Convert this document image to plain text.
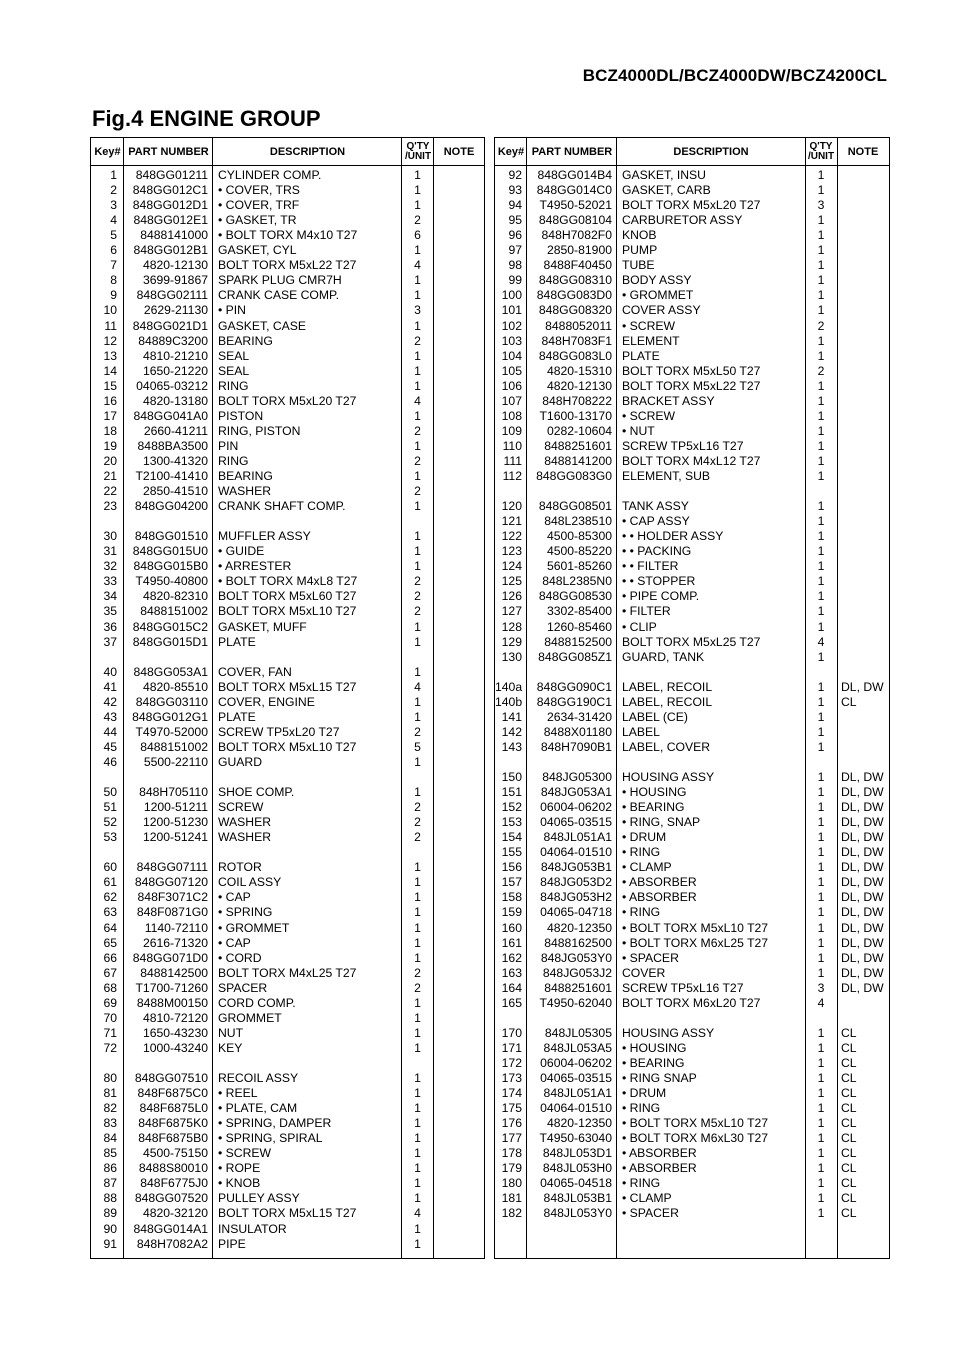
BCZ4000DL/BCZ4000DW/BCZ4200CL
Fig.4 ENGINE GROUP
Key# PART NUMBER	DESCRIPTION	Q'TY
/UNIT	NOTE
1	848GG01211 CYLINDER COMP.	1
2	848GG012C1 • COVER, TRS	1
3	848GG012D1 • COVER, TRF	1
4	848GG012E1 • GASKET, TR	2
5	8488141000 • BOLT TORX M4x10 T27	6
6	848GG012B1 GASKET, CYL	1
7	4820-12130 BOLT TORX M5xL22 T27	4
8	3699-91867 SPARK PLUG CMR7H	1
9	848GG02111 CRANK CASE COMP.	1
10	2629-21130 • PIN	3
11	848GG021D1 GASKET, CASE	1
12	84889C3200 BEARING	2
13	4810-21210 SEAL	1
14	1650-21220 SEAL	1
15	04065-03212 RING	1
16	4820-13180 BOLT TORX M5xL20 T27	4
17	848GG041A0 PISTON	1
18	2660-41211 RING, PISTON	2
19	8488BA3500 PIN	1
20	1300-41320 RING	2
21	T2100-41410 BEARING	1
22	2850-41510 WASHER	2
23	848GG04200 CRANK SHAFT COMP.	1
30	848GG01510 MUFFLER ASSY	1
31	848GG015U0 • GUIDE	1
32	848GG015B0 • ARRESTER	1
33	T4950-40800 • BOLT TORX M4xL8 T27	2
34	4820-82310 BOLT TORX M5xL60 T27	2
35	8488151002 BOLT TORX M5xL10 T27	2
36	848GG015C2 GASKET, MUFF	1
37	848GG015D1 PLATE	1
40	848GG053A1 COVER, FAN	1
41	4820-85510 BOLT TORX M5xL15 T27	4
42	848GG03110 COVER, ENGINE	1
43	848GG012G1 PLATE	1
44	T4970-52000 SCREW TP5xL20 T27	2
45	8488151002 BOLT TORX M5xL10 T27	5
46	5500-22110 GUARD	1
50	848H705110 SHOE COMP.	1
51	1200-51211 SCREW	2
52	1200-51230 WASHER	2
53	1200-51241 WASHER	2
60	848GG07111 ROTOR	1
61	848GG07120 COIL ASSY	1
62	848F3071C2 • CAP	1
63	848F0871G0 • SPRING	1
64	1140-72110 • GROMMET	1
65	2616-71320 • CAP	1
66	848GG071D0 • CORD	1
67	8488142500 BOLT TORX M4xL25 T27	2
68	T1700-71260 SPACER	2
69	8488M00150 CORD COMP.	1
70	4810-72120 GROMMET	1
71	1650-43230 NUT	1
72	1000-43240 KEY	1
80	848GG07510 RECOIL ASSY	1
81	848F6875C0 • REEL	1
82	848F6875L0 • PLATE, CAM	1
83	848F6875K0 • SPRING, DAMPER	1
84	848F6875B0 • SPRING, SPIRAL	1
85	4500-75150 • SCREW	1
86	8488S80010 • ROPE	1
87	848F6775J0 • KNOB	1
88	848GG07520 PULLEY ASSY	1
89	4820-32120 BOLT TORX M5xL15 T27	4
90	848GG014A1 INSULATOR	1
91	848H7082A2 PIPE	1
Key# PART NUMBER	DESCRIPTION	Q'TY
/UNIT	NOTE
92	848GG014B4 GASKET, INSU	1
93	848GG014C0 GASKET, CARB	1
94	T4950-52021 BOLT TORX M5xL20 T27	3
95	848GG08104 CARBURETOR ASSY	1
96	848H7082F0 KNOB	1
97	2850-81900 PUMP	1
98	8488F40450 TUBE	1
99	848GG08310 BODY ASSY	1
100	848GG083D0 • GROMMET	1
101	848GG08320 COVER ASSY	1
102	8488052011 • SCREW	2
103	848H7083F1 ELEMENT	1
104	848GG083L0 PLATE	1
105	4820-15310 BOLT TORX M5xL50 T27	2
106	4820-12130 BOLT TORX M5xL22 T27	1
107	848H708222 BRACKET ASSY	1
108	T1600-13170 • SCREW	1
109	0282-10604 • NUT	1
110	8488251601 SCREW TP5xL16 T27	1
111	8488141200 BOLT TORX M4xL12 T27	1
112	848GG083G0 ELEMENT, SUB	1
120	848GG08501 TANK ASSY	1
121	848L238510 • CAP ASSY	1
122	4500-85300 • • HOLDER ASSY	1
123	4500-85220 • • PACKING	1
124	5601-85260 • • FILTER	1
125	848L2385N0 • • STOPPER	1
126	848GG08530 • PIPE COMP.	1
127	3302-85400 • FILTER	1
128	1260-85460 • CLIP	1
129	8488152500 BOLT TORX M5xL25 T27	4
130	848GG085Z1 GUARD, TANK	1
140a	848GG090C1 LABEL, RECOIL	1	DL, DW
140b	848GG190C1 LABEL, RECOIL	1	CL
141	2634-31420 LABEL (CE)	1
142	8488X01180 LABEL	1
143	848H7090B1 LABEL, COVER	1
150	848JG05300 HOUSING ASSY	1	DL, DW
151	848JG053A1 • HOUSING	1	DL, DW
152	06004-06202 • BEARING	1	DL, DW
153	04065-03515 • RING, SNAP	1	DL, DW
154	848JL051A1 • DRUM	1	DL, DW
155	04064-01510 • RING	1	DL, DW
156	848JG053B1 • CLAMP	1	DL, DW
157	848JG053D2 • ABSORBER	1	DL, DW
158	848JG053H2 • ABSORBER	1	DL, DW
159	04065-04718 • RING	1	DL, DW
160	4820-12350 • BOLT TORX M5xL10 T27	1	DL, DW
161	8488162500 • BOLT TORX M6xL25 T27	1	DL, DW
162	848JG053Y0 • SPACER	1	DL, DW
163	848JG053J2 COVER	1	DL, DW
164	8488251601 SCREW TP5xL16 T27	3	DL, DW
165	T4950-62040 BOLT TORX M6xL20 T27	4
170	848JL05305 HOUSING ASSY	1	CL
171	848JL053A5 • HOUSING	1	CL
172	06004-06202 • BEARING	1	CL
173	04065-03515 • RING SNAP	1	CL
174	848JL051A1 • DRUM	1	CL
175	04064-01510 • RING	1	CL
176	4820-12350 • BOLT TORX M5xL10 T27	1	CL
177	T4950-63040 • BOLT TORX M6xL30 T27	1	CL
178	848JL053D1 • ABSORBER	1	CL
179	848JL053H0 • ABSORBER	1	CL
180	04065-04518 • RING	1	CL
181	848JL053B1 • CLAMP	1	CL
182	848JL053Y0 • SPACER	1	CL
